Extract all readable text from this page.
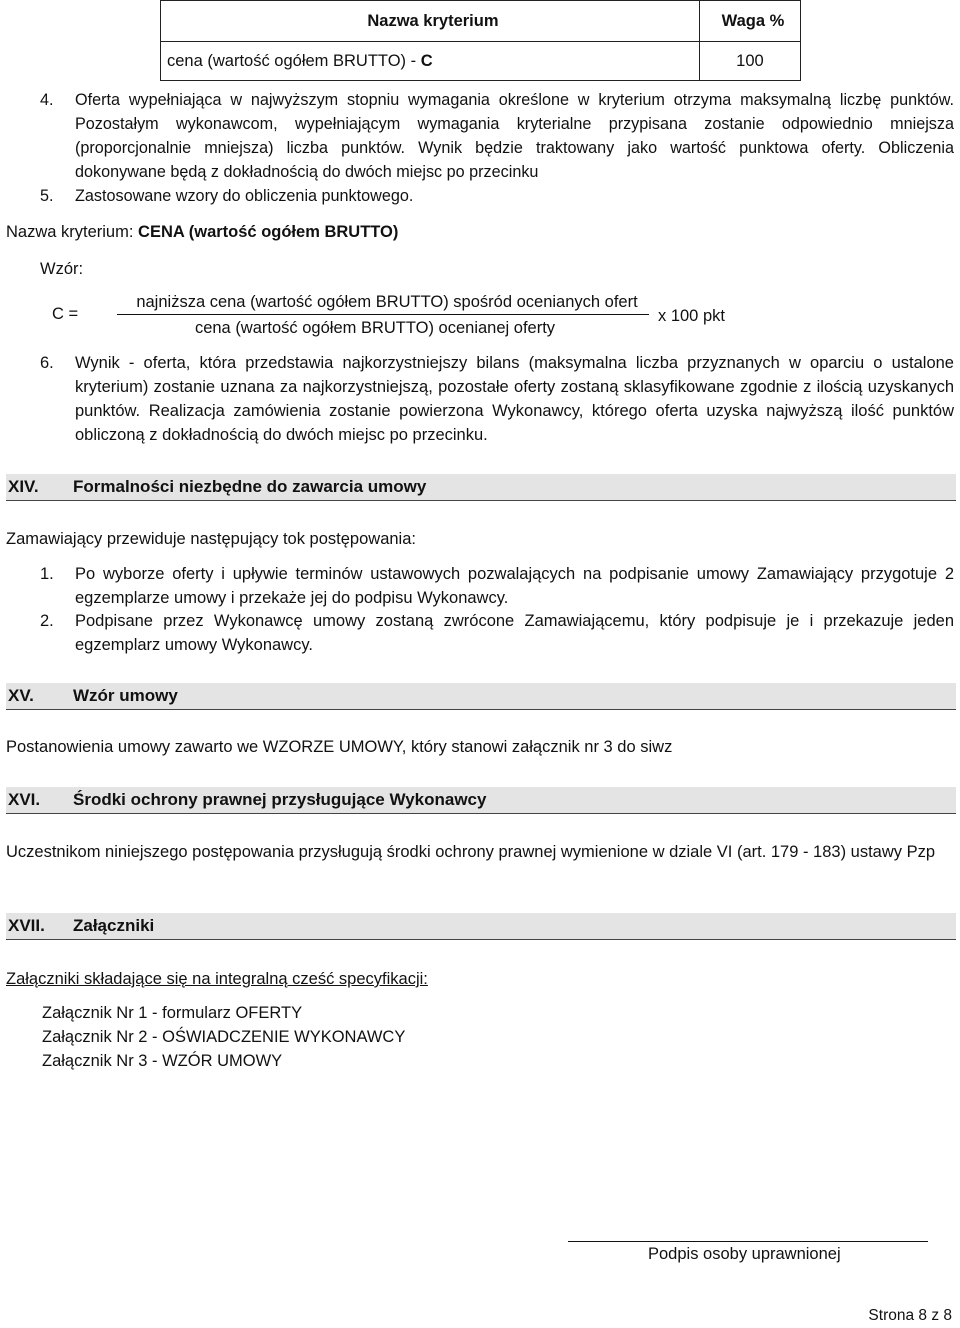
Nazwa kryterium	Waga %
cena (wartość ogółem BRUTTO) - C	100
4. Oferta wypełniająca w najwyższym stopniu wymagania określone w kryterium otrzyma maksymalną liczbę punktów. Pozostałym wykonawcom, wypełniającym wymagania kryterialne przypisana zostanie odpowiednio mniejsza (proporcjonalnie mniejsza) liczba punktów. Wynik będzie traktowany jako wartość punktowa oferty. Obliczenia dokonywane będą z dokładnością do dwóch miejsc po przecinku
5. Zastosowane wzory do obliczenia punktowego.
Nazwa kryterium: CENA (wartość ogółem BRUTTO)
Wzór:
C =
najniższa cena (wartość ogółem BRUTTO) spośród ocenianych ofert
cena (wartość ogółem BRUTTO) ocenianej oferty
x 100 pkt
6. Wynik - oferta, która przedstawia najkorzystniejszy bilans (maksymalna liczba przyznanych w oparciu o ustalone kryterium) zostanie uznana za najkorzystniejszą, pozostałe oferty zostaną sklasyfikowane zgodnie z ilością uzyskanych punktów. Realizacja zamówienia zostanie powierzona Wykonawcy, którego oferta uzyska najwyższą ilość punktów obliczoną z dokładnością do dwóch miejsc po przecinku.
XIV. Formalności niezbędne do zawarcia umowy
Zamawiający przewiduje następujący tok postępowania:
1. Po wyborze oferty i upływie terminów ustawowych pozwalających na podpisanie umowy Zamawiający przygotuje 2 egzemplarze umowy i przekaże jej do podpisu Wykonawcy.
2. Podpisane przez Wykonawcę umowy zostaną zwrócone Zamawiającemu, który podpisuje je i przekazuje jeden egzemplarz umowy Wykonawcy.
XV. Wzór umowy
Postanowienia umowy zawarto we WZORZE UMOWY, który stanowi załącznik nr 3 do siwz
XVI. Środki ochrony prawnej przysługujące Wykonawcy
Uczestnikom niniejszego postępowania przysługują środki ochrony prawnej wymienione w dziale VI (art. 179 - 183) ustawy Pzp
XVII. Załączniki
Załączniki składające się na integralną cześć specyfikacji:
Załącznik Nr 1 - formularz OFERTY
Załącznik Nr 2 - OŚWIADCZENIE WYKONAWCY
Załącznik Nr 3 - WZÓR UMOWY
Podpis osoby uprawnionej
Strona 8 z 8
